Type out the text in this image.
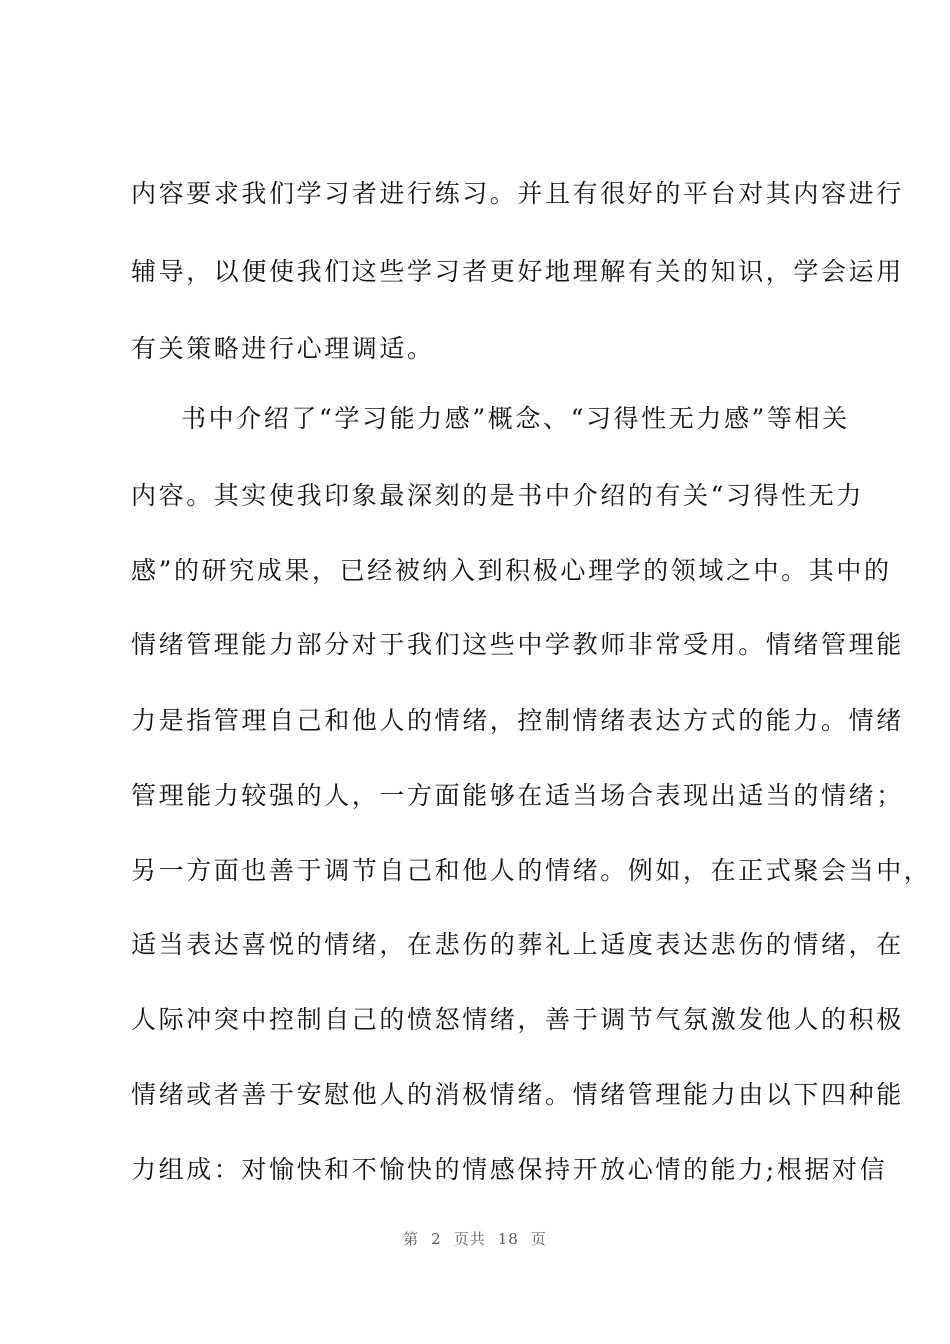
内容要求我们学习者进行练习。并且有很好的平台对其内容进行
辅导，以便使我们这些学习者更好地理解有关的知识，学会运用
有关策略进行心理调适。
书中介绍了“学习能力感”概念、“习得性无力感”等相关
内容。其实使我印象最深刻的是书中介绍的有关“习得性无力
感”的研究成果，已经被纳入到积极心理学的领域之中。其中的
情绪管理能力部分对于我们这些中学教师非常受用。情绪管理能
力是指管理自己和他人的情绪，控制情绪表达方式的能力。情绪
管理能力较强的人，一方面能够在适当场合表现出适当的情绪；
另一方面也善于调节自己和他人的情绪。例如，在正式聚会当中，
适当表达喜悦的情绪，在悲伤的葬礼上适度表达悲伤的情绪，在
人际冲突中控制自己的愤怒情绪，善于调节气氛激发他人的积极
情绪或者善于安慰他人的消极情绪。情绪管理能力由以下四种能
力组成：对愉快和不愉快的情感保持开放心情的能力;根据对信
第 2 页共 18 页
